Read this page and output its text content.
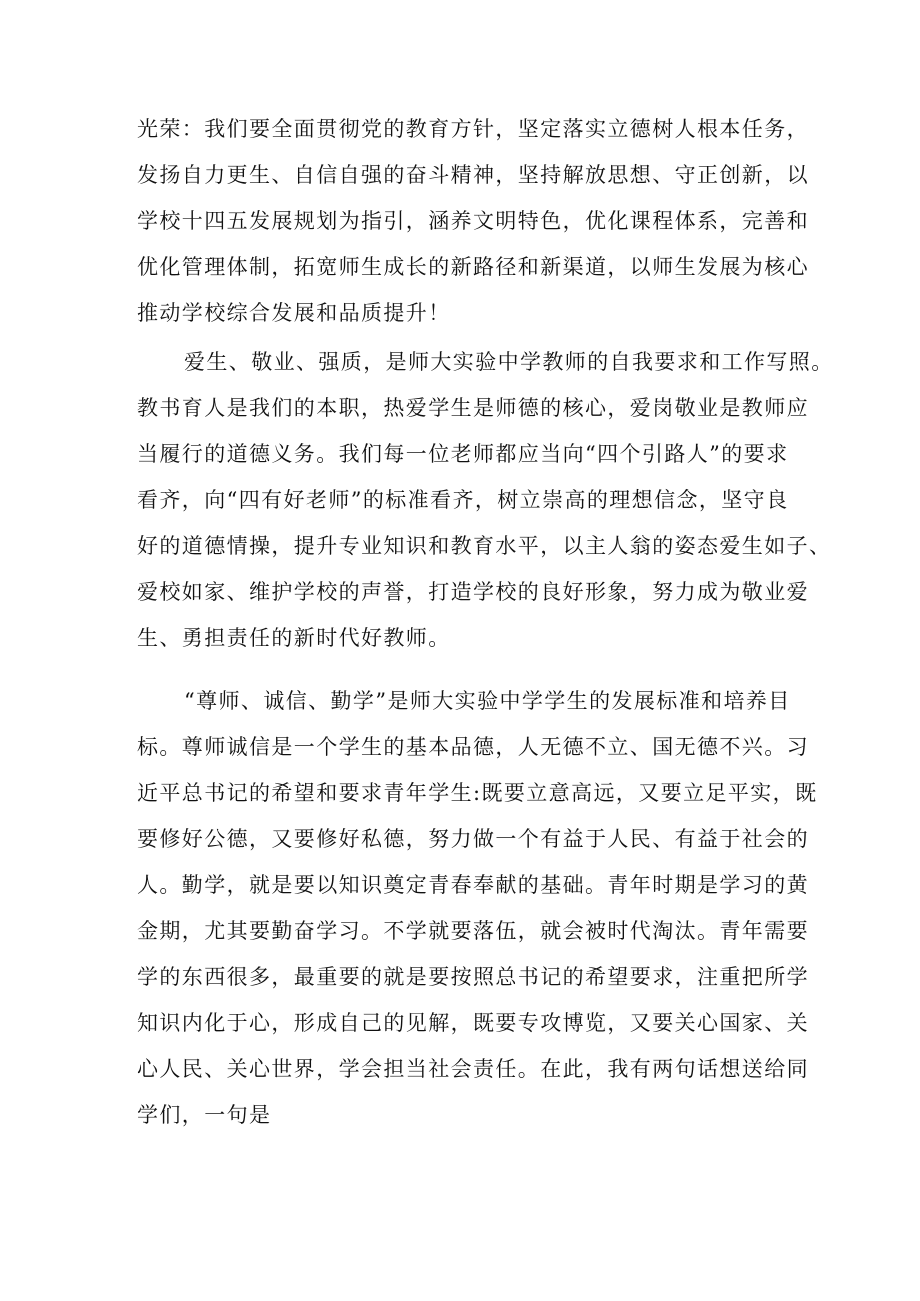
光荣：我们要全面贯彻党的教育方针，坚定落实立德树人根本任务，
发扬自力更生、自信自强的奋斗精神，坚持解放思想、守正创新，以
学校十四五发展规划为指引，涵养文明特色，优化课程体系，完善和
优化管理体制，拓宽师生成长的新路径和新渠道，以师生发展为核心
推动学校综合发展和品质提升！
爱生、敬业、强质，是师大实验中学教师的自我要求和工作写照。
教书育人是我们的本职，热爱学生是师德的核心，爱岗敬业是教师应
当履行的道德义务。我们每一位老师都应当向“四个引路人”的要求
看齐，向“四有好老师”的标准看齐，树立崇高的理想信念，坚守良
好的道德情操，提升专业知识和教育水平，以主人翁的姿态爱生如子、
爱校如家、维护学校的声誉，打造学校的良好形象，努力成为敬业爱
生、勇担责任的新时代好教师。
“尊师、诚信、勤学”是师大实验中学学生的发展标准和培养目
标。尊师诚信是一个学生的基本品德，人无德不立、国无德不兴。习
近平总书记的希望和要求青年学生:既要立意高远，又要立足平实，既
要修好公德，又要修好私德，努力做一个有益于人民、有益于社会的
人。勤学，就是要以知识奠定青春奉献的基础。青年时期是学习的黄
金期，尤其要勤奋学习。不学就要落伍，就会被时代淘汰。青年需要
学的东西很多，最重要的就是要按照总书记的希望要求，注重把所学
知识内化于心，形成自己的见解，既要专攻博览，又要关心国家、关
心人民、关心世界，学会担当社会责任。在此，我有两句话想送给同
学们，一句是
